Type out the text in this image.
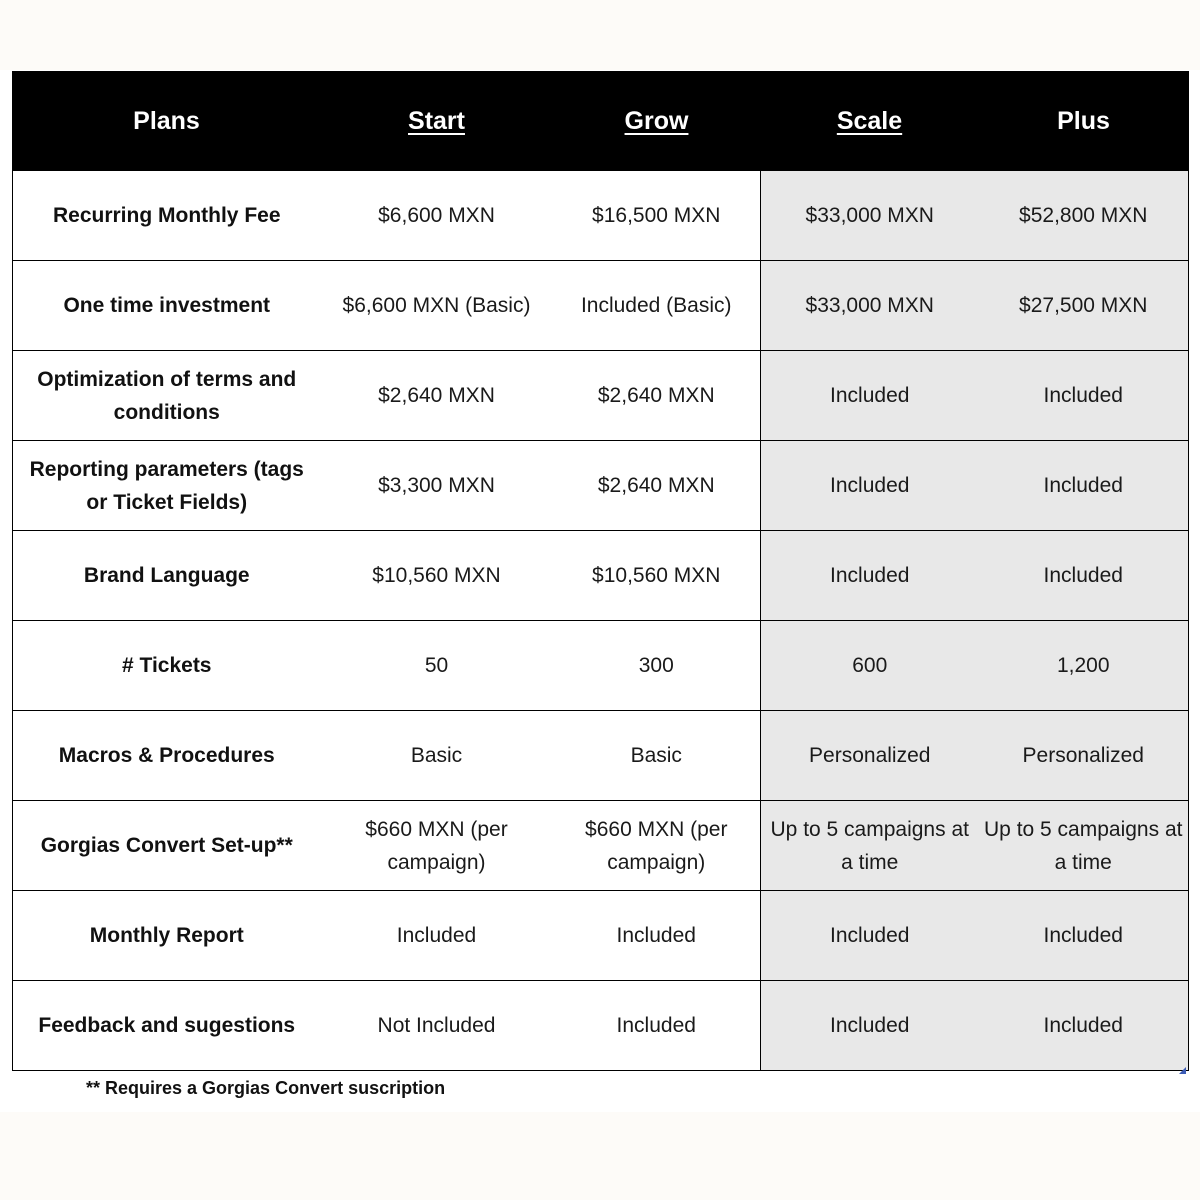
Plans	Start	Grow	Scale	Plus
Recurring Monthly Fee	$6,600 MXN	$16,500 MXN	$33,000 MXN	$52,800 MXN
One time investment	$6,600 MXN (Basic)	Included (Basic)	$33,000 MXN	$27,500 MXN
Optimization of terms and conditions	$2,640 MXN	$2,640 MXN	Included	Included
Reporting parameters (tags or Ticket Fields)	$3,300 MXN	$2,640 MXN	Included	Included
Brand Language	$10,560 MXN	$10,560 MXN	Included	Included
# Tickets	50	300	600	1,200
Macros & Procedures	Basic	Basic	Personalized	Personalized
Gorgias Convert Set-up**	$660 MXN (per campaign)	$660 MXN (per campaign)	Up to 5 campaigns at a time	Up to 5 campaigns at a time
Monthly Report	Included	Included	Included	Included
Feedback and sugestions	Not Included	Included	Included	Included
** Requires a Gorgias Convert suscription
